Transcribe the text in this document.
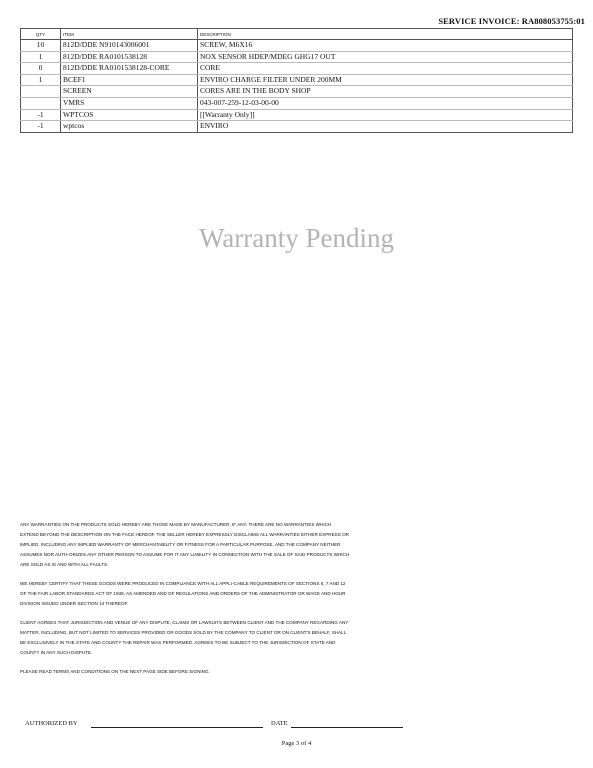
SERVICE INVOICE: RA808053755:01
QTY	ITEM	DESCRIPTION
10	812D/DDE N910143006001	SCREW, M6X16
1	812D/DDE RA0101538128	NOX SENSOR HDEP/MDEG GHG17 OUT
0	812D/DDE RA0101538128-CORE	CORE
1	BCEF1	ENVIRO CHARGE FILTER UNDER 200MM
	SCREEN	CORES ARE IN THE BODY SHOP
	VMRS	043-007-259-12-03-00-00
-1	WPTCOS	[[Warranty Only]]
-1	wptcos	ENVIRO
Warranty Pending

ANY WARRANTIES ON THE PRODUCTS SOLD HEREBY ARE THOSE MADE BY MANUFACTURER, IF ANY. THERE ARE NO WARRANTIES WHICH EXTEND BEYOND THE DESCRIPTION ON THE FACE HEREOF. THE SELLER HEREBY EXPRESSLY DISCLAIMS ALL WARRANTIES EITHER EXPRESS OR IMPLIED, INCLUDING ANY IMPLIED WARRANTY OF MERCHANTABILITY OR FITNESS FOR A PARTICULAR PURPOSE, AND THE COMPANY NEITHER ASSUMES NOR AUTH-ORIZES ANY OTHER PERSON TO ASSUME FOR IT ANY LIABILITY IN CONNECTION WITH THE SALE OF SAID PRODUCTS WHICH ARE SOLD AS IS AND WITH ALL FAULTS.

WE HEREBY CERTIFY THAT THESE GOODS WERE PRODUCED IN COMPLIANCE WITH ALL APPLI-CABLE REQUIREMENTS OF SECTIONS 6, 7 AND 12 OF THE FAIR LABOR STANDARDS ACT OF 1938, AS AMENDED AND OF REGULATIONS AND ORDERS OF THE ADMINISTRATOR OR WAGE AND HOUR DIVISION ISSUED UNDER SECTION 14 THEREOF.

CLIENT AGREES THAT JURISDICTION AND VENUE OF ANY DISPUTE, CLAIMS OR LAWSUITS BETWEEN CLIENT AND THE COMPANY REGARDING ANY MATTER, INCLUDING, BUT NOT LIMITED TO SERVICES PROVIDED OR GOODS SOLD BY THE COMPANY TO CLIENT OR ON CLIENT'S BEHALF, SHALL BE EXCLUSIVELY IN THE STATE AND COUNTY THE REPAIR WAS PERFORMED. AGREES TO BE SUBJECT TO THE JURISDICTION OF STATE AND COUNTY IN ANY SUCH DISPUTE.

PLEASE READ TERMS AND CONDITIONS ON THE NEXT PAGE SIDE BEFORE SIGNING.

AUTHORIZED BY	DATE
Page 3 of 4
